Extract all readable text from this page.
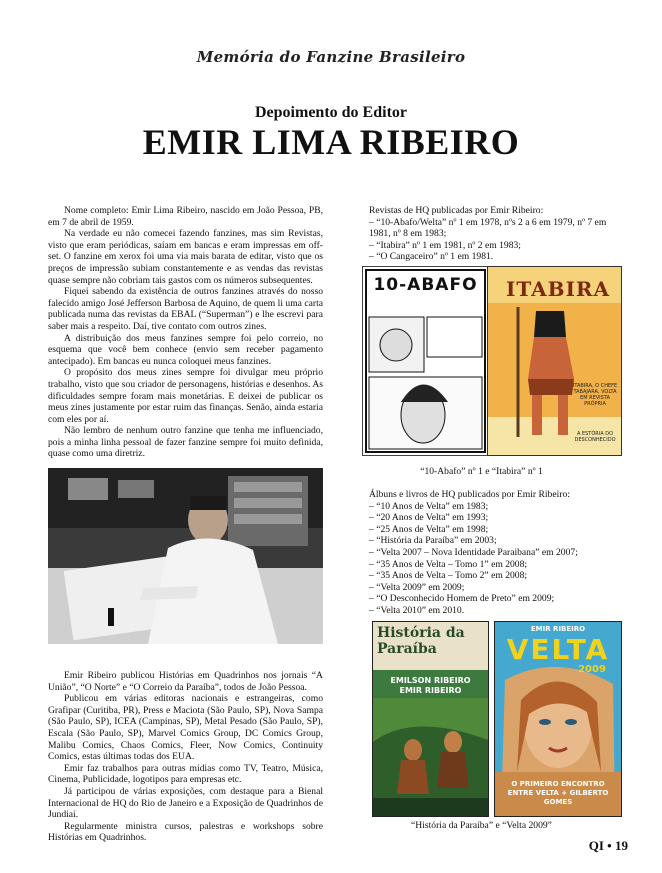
Memória do Fanzine Brasileiro
Depoimento do Editor
EMIR LIMA RIBEIRO

Nome completo: Emir Lima Ribeiro, nascido em João Pessoa, PB, em 7 de abril de 1959.

Na verdade eu não comecei fazendo fanzines, mas sim Revistas, visto que eram periódicas, saíam em bancas e eram impressas em off-set. O fanzine em xerox foi uma via mais barata de editar, visto que os preços de impressão subiam constantemente e as vendas das revistas quase sempre não cobriam tais gastos com os números subsequentes.

Fiquei sabendo da existência de outros fanzines através do nosso falecido amigo José Jefferson Barbosa de Aquino, de quem li uma carta publicada numa das revistas da EBAL (“Superman”) e lhe escrevi para saber mais a respeito. Daí, tive contato com outros zines.

A distribuição dos meus fanzines sempre foi pelo correio, no esquema que você bem conhece (envio sem receber pagamento antecipado). Em bancas eu nunca coloquei meus fanzines.

O propósito dos meus zines sempre foi divulgar meu próprio trabalho, visto que sou criador de personagens, histórias e desenhos. As dificuldades sempre foram mais monetárias. E deixei de publicar os meus zines justamente por estar ruim das finanças. Senão, ainda estaria com eles por aí.

Não lembro de nenhum outro fanzine que tenha me influenciado, pois a minha linha pessoal de fazer fanzine sempre foi muito definida, quase como uma diretriz.

Emir Ribeiro publicou Histórias em Quadrinhos nos jornais “A União”, “O Norte” e “O Correio da Paraíba”, todos de João Pessoa.

Publicou em várias editoras nacionais e estrangeiras, como Grafipar (Curitiba, PR), Press e Maciota (São Paulo, SP), Nova Sampa (São Paulo, SP), ICEA (Campinas, SP), Metal Pesado (São Paulo, SP), Escala (São Paulo, SP), Marvel Comics Group, DC Comics Group, Malibu Comics, Chaos Comics, Fleer, Now Comics, Continuity Comics, estas últimas todas dos EUA.

Emir faz trabalhos para outras mídias como TV, Teatro, Música, Cinema, Publicidade, logotipos para empresas etc.

Já participou de várias exposições, com destaque para a Bienal Internacional de HQ do Rio de Janeiro e a Exposição de Quadrinhos de Jundiaí.

Regularmente ministra cursos, palestras e workshops sobre Histórias em Quadrinhos.

Revistas de HQ publicadas por Emir Ribeiro:
– “10-Abafo/Welta” nº 1 em 1978, nºs 2 a 6 em 1979, nº 7 em 1981, nº 8 em 1983;
– “Itabira” nº 1 em 1981, nº 2 em 1983;
– “O Cangaceiro” nº 1 em 1981.
10-ABAFO ITABIRA
ITABIRA, O CHEFE TABAJARA, VOLTA EM REVISTA PRÓPRIA
A ESTÓRIA DO DESCONHECIDO
“10-Abafo” nº 1 e “Itabira” nº 1
Álbuns e livros de HQ publicados por Emir Ribeiro:
– “10 Anos de Velta” em 1983;
– “20 Anos de Velta” em 1993;
– “25 Anos de Velta” em 1998;
– “História da Paraíba” em 2003;
– “Velta 2007 – Nova Identidade Paraibana” em 2007;
– “35 Anos de Velta – Tomo 1” em 2008;
– “35 Anos de Velta – Tomo 2” em 2008;
– “Velta 2009” em 2009;
– “O Desconhecido Homem de Preto” em 2009;
– “Velta 2010” em 2010.
História da
Paraíba
EMILSON RIBEIRO
EMIR RIBEIRO
EMIR RIBEIRO
VELTA
2009
O PRIMEIRO ENCONTRO ENTRE VELTA + GILBERTO GOMES
“História da Paraíba” e “Velta 2009”
QI • 19
